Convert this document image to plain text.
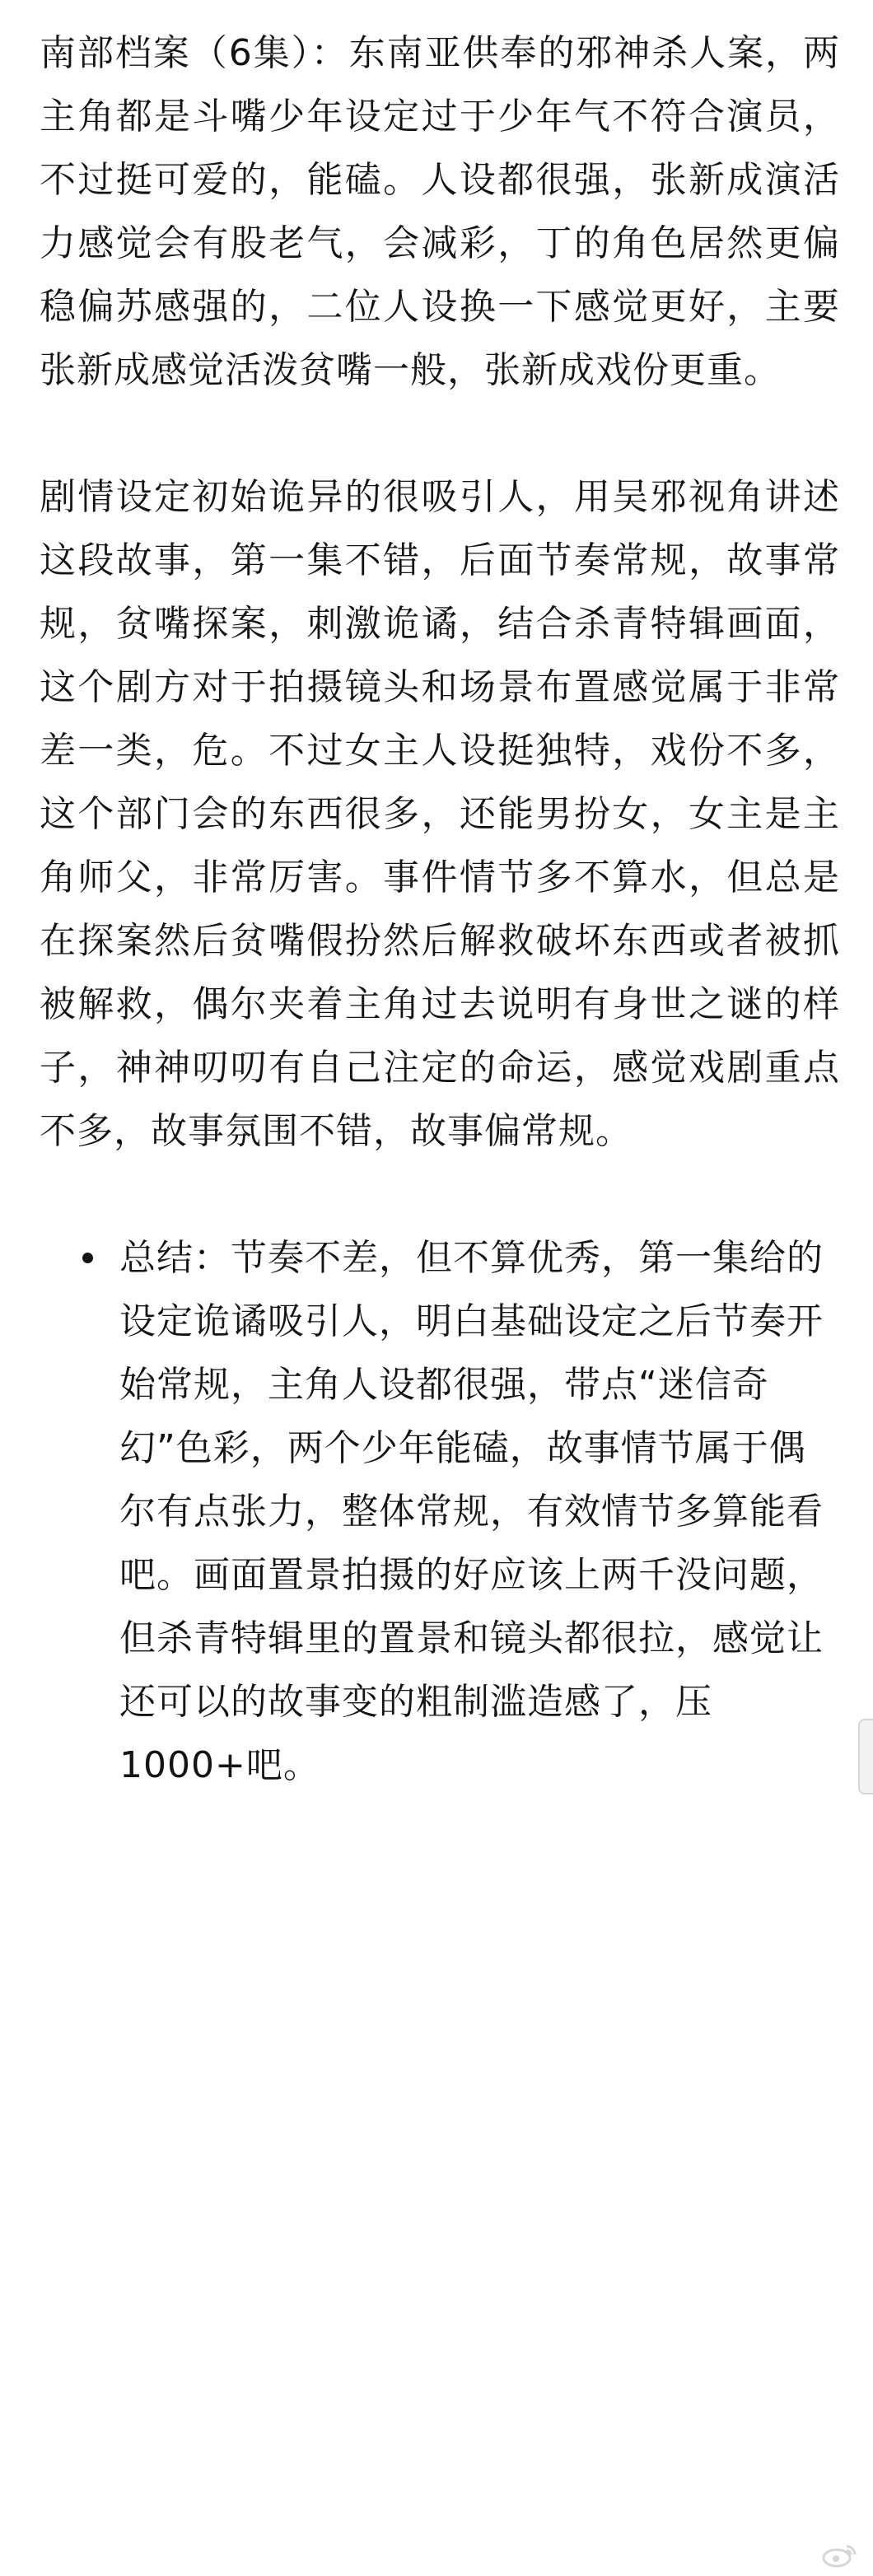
南部档案（6集）：东南亚供奉的邪神杀人案，两主角都是斗嘴少年设定过于少年气不符合演员，不过挺可爱的，能磕。人设都很强，张新成演活力感觉会有股老气，会减彩，丁的角色居然更偏稳偏苏感强的，二位人设换一下感觉更好，主要张新成感觉活泼贫嘴一般，张新成戏份更重。

剧情设定初始诡异的很吸引人，用吴邪视角讲述这段故事，第一集不错，后面节奏常规，故事常规，贫嘴探案，刺激诡谲，结合杀青特辑画面，这个剧方对于拍摄镜头和场景布置感觉属于非常差一类，危。不过女主人设挺独特，戏份不多，这个部门会的东西很多，还能男扮女，女主是主角师父，非常厉害。事件情节多不算水，但总是在探案然后贫嘴假扮然后解救破坏东西或者被抓被解救，偶尔夹着主角过去说明有身世之谜的样子，神神叨叨有自己注定的命运，感觉戏剧重点不多，故事氛围不错，故事偏常规。

总结：节奏不差，但不算优秀，第一集给的设定诡谲吸引人，明白基础设定之后节奏开始常规，主角人设都很强，带点“迷信奇幻”色彩，两个少年能磕，故事情节属于偶尔有点张力，整体常规，有效情节多算能看吧。画面置景拍摄的好应该上两千没问题，但杀青特辑里的置景和镜头都很拉，感觉让还可以的故事变的粗制滥造感了，压1000+吧。
